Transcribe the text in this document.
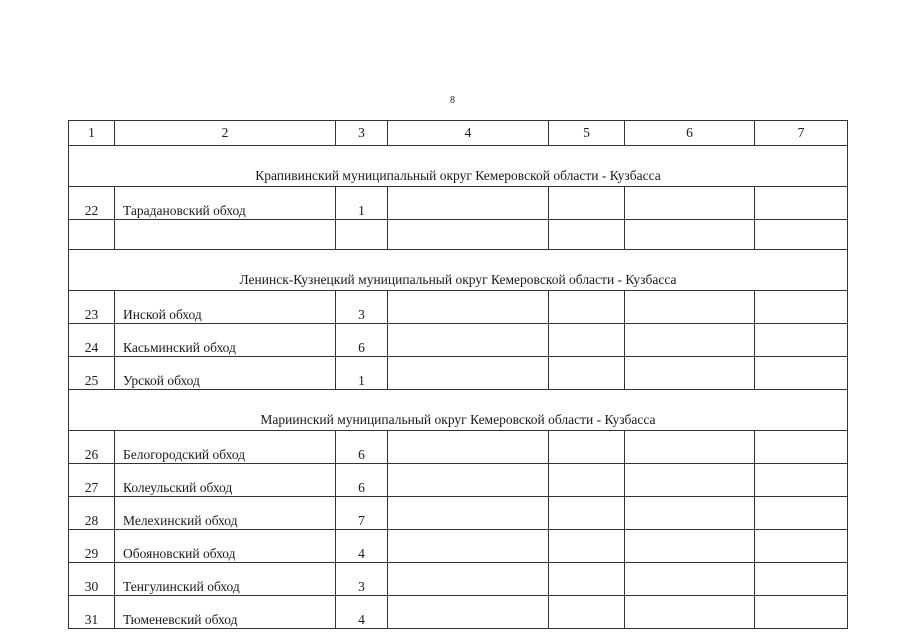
8
1	2	3	4	5	6	7
Крапивинский муниципальный округ Кемеровской области - Кузбасса						
22	Тарадановский обход	1				

Ленинск-Кузнецкий муниципальный округ Кемеровской области - Кузбасса						
23	Инской обход	3				
24	Касьминский обход	6				
25	Урской обход	1				
Мариинский муниципальный округ Кемеровской области - Кузбасса						
26	Белогородский обход	6				
27	Колеульский обход	6				
28	Мелехинский обход	7				
29	Обояновский обход	4				
30	Тенгулинский обход	3				
31	Тюменевский обход	4				
